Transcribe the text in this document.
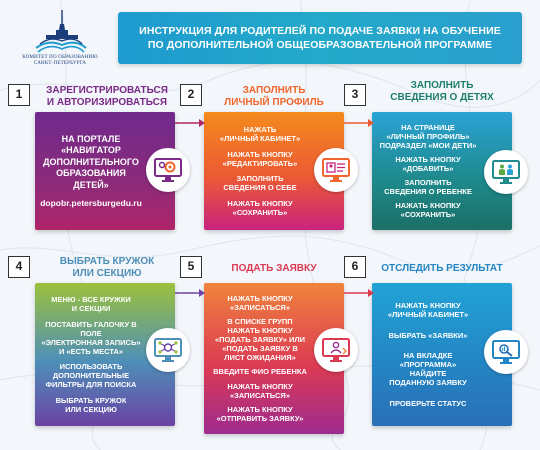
КОМИТЕТ ПО ОБРАЗОВАНИЮ
САНКТ-ПЕТЕРБУРГА
ИНСТРУКЦИЯ ДЛЯ РОДИТЕЛЕЙ ПО ПОДАЧЕ ЗАЯВКИ НА ОБУЧЕНИЕ
ПО ДОПОЛНИТЕЛЬНОЙ ОБЩЕОБРАЗОВАТЕЛЬНОЙ ПРОГРАММЕ
1	ЗАРЕГИСТРИРОВАТЬСЯ
И АВТОРИЗИРОВАТЬСЯ
НА ПОРТАЛЕ
«НАВИГАТОР
ДОПОЛНИТЕЛЬНОГО
ОБРАЗОВАНИЯ
ДЕТЕЙ»
dopobr.petersburgedu.ru
2	ЗАПОЛНИТЬ
ЛИЧНЫЙ ПРОФИЛЬ
НАЖАТЬ
«ЛИЧНЫЙ КАБИНЕТ»
НАЖАТЬ КНОПКУ
«РЕДАКТИРОВАТЬ»
ЗАПОЛНИТЬ
СВЕДЕНИЯ О СЕБЕ
НАЖАТЬ КНОПКУ
«СОХРАНИТЬ»
3
ЗАПОЛНИТЬ
СВЕДЕНИЯ О ДЕТЯХ
НА СТРАНИЦЕ
«ЛИЧНЫЙ ПРОФИЛЬ»
ПОДРАЗДЕЛ «МОИ ДЕТИ»
НАЖАТЬ КНОПКУ
«ДОБАВИТЬ»
ЗАПОЛНИТЬ
СВЕДЕНИЯ О РЕБЕНКЕ
НАЖАТЬ КНОПКУ
«СОХРАНИТЬ»
4	ВЫБРАТЬ КРУЖОК
ИЛИ СЕКЦИЮ
МЕНЮ - ВСЕ КРУЖКИ
И СЕКЦИИ
ПОСТАВИТЬ ГАЛОЧКУ В
ПОЛЕ
«ЭЛЕКТРОННАЯ ЗАПИСЬ»
И «ЕСТЬ МЕСТА»
ИСПОЛЬЗОВАТЬ
ДОПОЛНИТЕЛЬНЫЕ
ФИЛЬТРЫ ДЛЯ ПОИСКА
ВЫБРАТЬ КРУЖОК
ИЛИ СЕКЦИЮ
5	ПОДАТЬ ЗАЯВКУ
НАЖАТЬ КНОПКУ
«ЗАПИСАТЬСЯ»
В СПИСКЕ ГРУПП
НАЖАТЬ КНОПКУ
«ПОДАТЬ ЗАЯВКУ» ИЛИ
«ПОДАТЬ ЗАЯВКУ В
ЛИСТ ОЖИДАНИЯ»
ВВЕДИТЕ ФИО РЕБЕНКА
НАЖАТЬ КНОПКУ
«ЗАПИСАТЬСЯ»
НАЖАТЬ КНОПКУ
«ОТПРАВИТЬ ЗАЯВКУ»
6	ОТСЛЕДИТЬ РЕЗУЛЬТАТ
НАЖАТЬ КНОПКУ
«ЛИЧНЫЙ КАБИНЕТ»
ВЫБРАТЬ «ЗАЯВКИ»
НА ВКЛАДКЕ
«ПРОГРАММА»
НАЙДИТЕ
ПОДАННУЮ ЗАЯВКУ
ПРОВЕРЬТЕ СТАТУС
